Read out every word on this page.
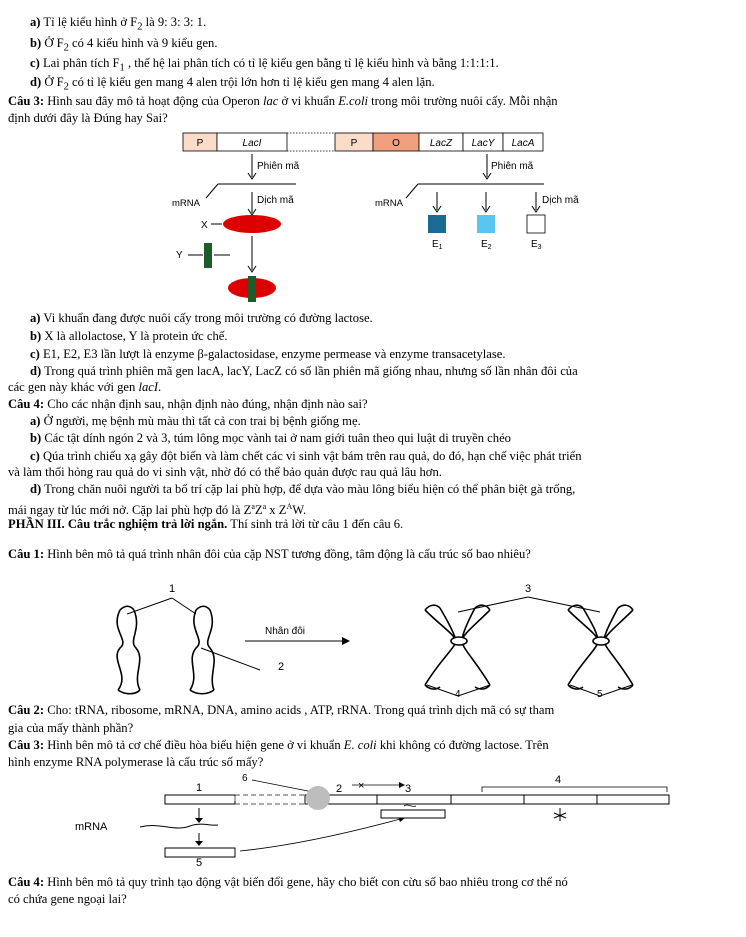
a) Tỉ lệ kiểu hình ở $F_2$ là 9: 3: 3: 1.
b) Ở $F_2$ có 4 kiểu hình và 9 kiểu gen.
c) Lai phân tích $F_1$ , thế hệ lai phân tích có tỉ lệ kiểu gen bằng tỉ lệ kiểu hình và bằng 1:1:1:1.
d) Ở $F_2$ có tỉ lệ kiểu gen mang 4 alen trội lớn hơn tỉ lệ kiểu gen mang 4 alen lặn.
Câu 3: Hình sau đây mô tả hoạt động của Operon lac ở vi khuẩn E.coli trong môi trường nuôi cấy. Mỗi nhận
định dưới đây là Đúng hay Sai?
P	LacI	P	O	LacZ LacY LacA
Phiên mã
mRNA	Dịch mã
X
Y
Phiên mã
mRNA	Dịch mã
$E_1$	$E_2$	$E_3$
a) Vi khuẩn đang được nuôi cấy trong môi trường có đường lactose.
b) X là allolactose, Y là protein ức chế.
c) E1, E2, E3 lần lượt là enzyme β-galactosidase, enzyme permease và enzyme transacetylase.
d) Trong quá trình phiên mã gen lacA, lacY, LacZ có số lần phiên mã giống nhau, nhưng số lần nhân đôi của
các gen này khác với gen lacI.
Câu 4: Cho các nhận định sau, nhận định nào đúng, nhận định nào sai?
a) Ở người, mẹ bệnh mù màu thì tất cả con trai bị bệnh giống mẹ.
b) Các tật dính ngón 2 và 3, túm lông mọc vành tai ở nam giới tuân theo qui luật di truyền chéo
c) Qúa trình chiếu xạ gây đột biến và làm chết các vi sinh vật bám trên rau quả, do đó, hạn chế việc phát triển
và làm thối hỏng rau quả do vi sinh vật, nhờ đó có thể bảo quản được rau quả lâu hơn.
d) Trong chăn nuôi người ta bố trí cặp lai phù hợp, để dựa vào màu lông biểu hiện có thể phân biệt gà trống,
mái ngay từ lúc mới nở. Cặp lai phù hợp đó là $Z^aZ^a$ x $Z^AW$.
PHẦN III. Câu trắc nghiệm trả lời ngắn. Thí sinh trả lời từ câu 1 đến câu 6.
Câu 1: Hình bên mô tả quá trình nhân đôi của cặp NST tương đồng, tâm động là cấu trúc số bao nhiêu?
1
2
Nhân đôi
3
4	5
Câu 2: Cho: tRNA, ribosome, mRNA, DNA, amino acids , ATP, rRNA. Trong quá trình dịch mã có sự tham
gia của mấy thành phần?
Câu 3: Hình bên mô tả cơ chế điều hòa biểu hiện gene ở vi khuẩn E. coli khi không có đường lactose. Trên
hình enzyme RNA polymerase là cấu trúc số mấy?
6
1	2 ×	3
4
mRNA
5
Câu 4: Hình bên mô tả quy trình tạo động vật biến đổi gene, hãy cho biết con cừu số bao nhiêu trong cơ thể nó
có chứa gene ngoại lai?
